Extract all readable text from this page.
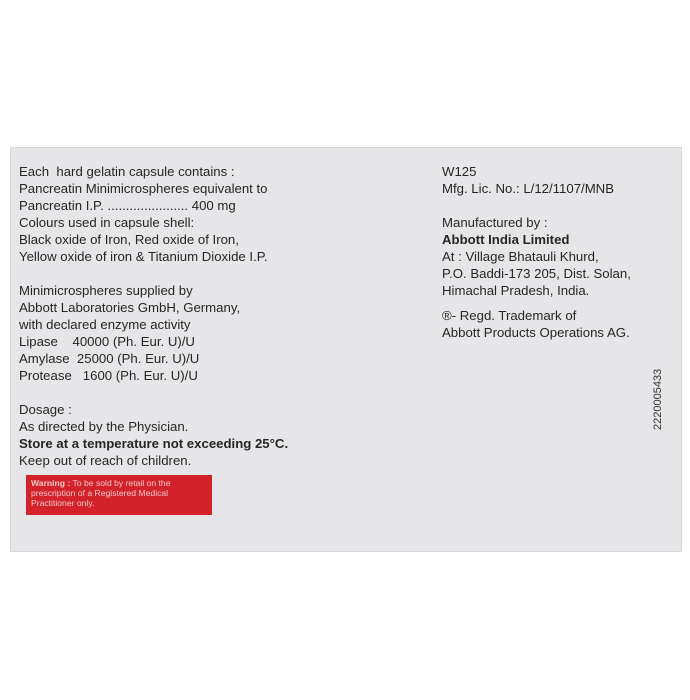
Each  hard gelatin capsule contains :
Pancreatin Minimicrospheres equivalent to
Pancreatin I.P. ...................... 400 mg
Colours used in capsule shell:
Black oxide of Iron, Red oxide of Iron,
Yellow oxide of iron & Titanium Dioxide I.P.
Minimicrospheres supplied by
Abbott Laboratories GmbH, Germany,
with declared enzyme activity
Lipase    40000 (Ph. Eur. U)/U
Amylase  25000 (Ph. Eur. U)/U
Protease   1600 (Ph. Eur. U)/U
Dosage :
As directed by the Physician.
Store at a temperature not exceeding 25°C.
Keep out of reach of children.
Warning : To be sold by retail on the prescription of a Registered Medical Practitioner only.
W125
Mfg. Lic. No.: L/12/1107/MNB
Manufactured by :
Abbott India Limited
At : Village Bhatauli Khurd,
P.O. Baddi-173 205, Dist. Solan,
Himachal Pradesh, India.
®- Regd. Trademark of
Abbott Products Operations AG.
2220005433
